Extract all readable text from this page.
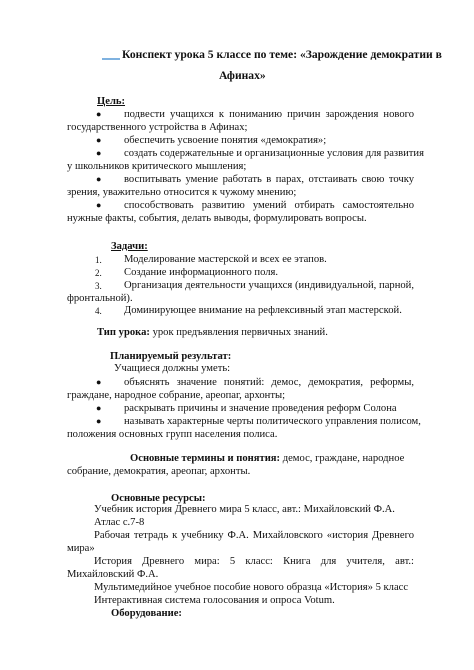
Конспект урока 5 классе по теме: «Зарождение демократии в
Афинах»
Цель:
● подвести учащихся к пониманию причин зарождения нового
государственного устройства в Афинах;
● обеспечить усвоение понятия «демократия»;
● создать содержательные и организационные условия для развития
у школьников критического мышления;
● воспитывать умение работать в парах, отстаивать свою точку
зрения, уважительно относится к чужому мнению;
● способствовать развитию умений отбирать самостоятельно
нужные факты, события, делать выводы, формулировать вопросы.
Задачи:
1. Моделирование мастерской и всех ее этапов.
2. Создание информационного поля.
3. Организация деятельности учащихся (индивидуальной, парной,
фронтальной).
4. Доминирующее внимание на рефлексивный этап мастерской.
Тип урока: урок предъявления первичных знаний.
Планируемый результат:
Учащиеся должны уметь:
● объяснять значение понятий: демос, демократия, реформы,
граждане, народное собрание, ареопаг, архонты;
● раскрывать причины и значение проведения реформ Солона
● называть характерные черты политического управления полисом,
положения основных групп населения полиса.
Основные термины и понятия: демос, граждане, народное
собрание, демократия, ареопаг, архонты.
Основные ресурсы:
Учебник история Древнего мира 5 класс, авт.: Михайловский Ф.А.
Атлас с.7-8
Рабочая тетрадь к учебнику Ф.А. Михайловского «история Древнего
мира»
История Древнего мира: 5 класс: Книга для учителя, авт.:
Михайловский Ф.А.
Мультимедийное учебное пособие нового образца «История» 5 класс
Интерактивная система голосования и опроса Votum.
Оборудование:
